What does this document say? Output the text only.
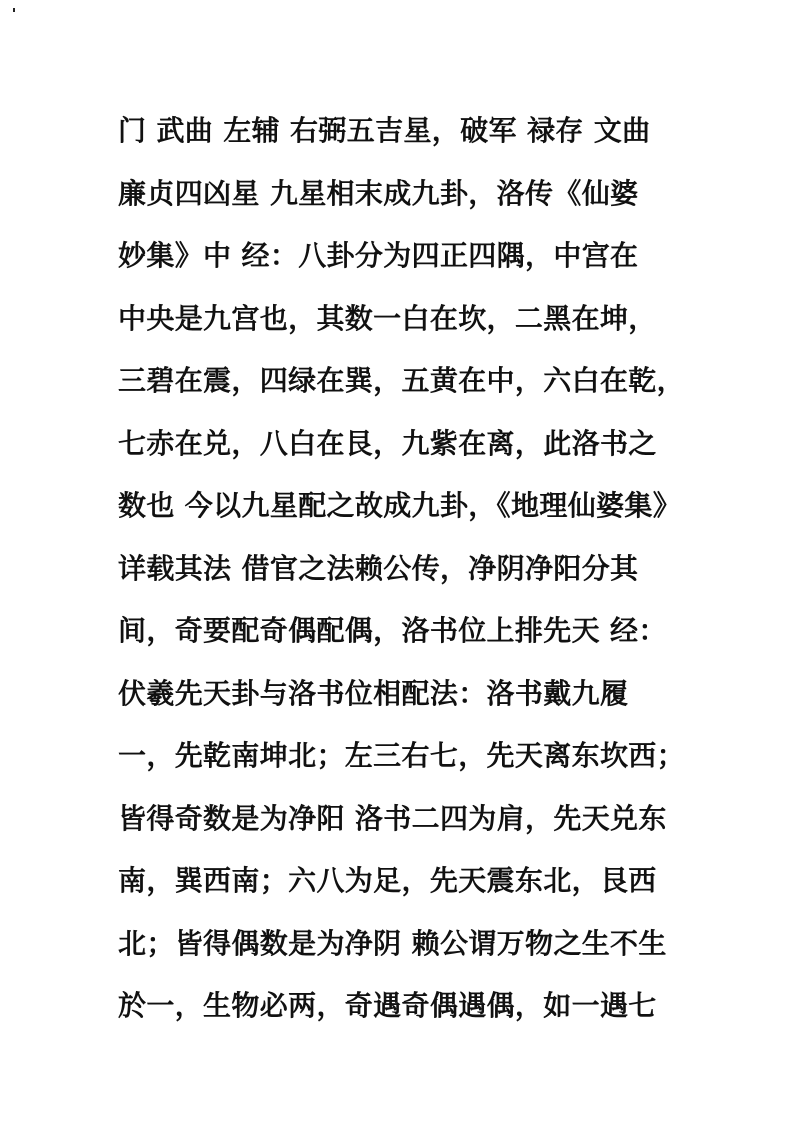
门 武曲 左辅 右弼五吉星，破军 禄存 文曲
廉贞四凶星 九星相末成九卦，洛传《仙婆
妙集》中 经：八卦分为四正四隅，中宫在
中央是九宫也，其数一白在坎，二黑在坤，
三碧在震，四绿在巽，五黄在中，六白在乾，
七赤在兑，八白在艮，九紫在离，此洛书之
数也 今以九星配之故成九卦，《地理仙婆集》
详载其法 借官之法赖公传，净阴净阳分其
间，奇要配奇偶配偶，洛书位上排先天 经：
伏羲先天卦与洛书位相配法：洛书戴九履
一，先乾南坤北；左三右七，先天离东坎西；
皆得奇数是为净阳 洛书二四为肩，先天兑东
南，巽西南；六八为足，先天震东北，艮西
北；皆得偶数是为净阴 赖公谓万物之生不生
於一，生物必两，奇遇奇偶遇偶，如一遇七
